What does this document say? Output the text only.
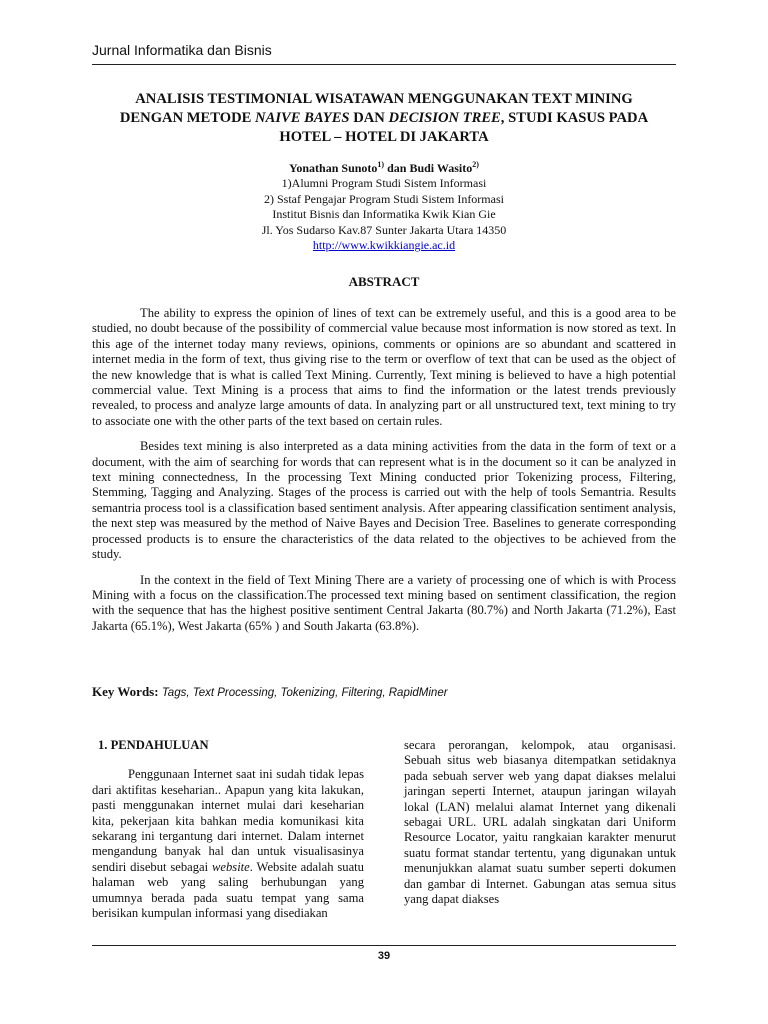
Jurnal Informatika dan Bisnis
ANALISIS TESTIMONIAL WISATAWAN MENGGUNAKAN TEXT MINING
DENGAN METODE NAIVE BAYES DAN DECISION TREE, STUDI KASUS PADA
HOTEL – HOTEL DI JAKARTA
Yonathan Sunoto$^{1)}$ dan Budi Wasito$^{2)}$
1)Alumni Program Studi Sistem Informasi
2) Sstaf Pengajar Program Studi Sistem Informasi
Institut Bisnis dan Informatika Kwik Kian Gie
Jl. Yos Sudarso Kav.87 Sunter Jakarta Utara 14350
http://www.kwikkiangie.ac.id
ABSTRACT

The ability to express the opinion of lines of text can be extremely useful, and this is a good area to be studied, no doubt because of the possibility of commercial value because most information is now stored as text. In this age of the internet today many reviews, opinions, comments or opinions are so abundant and scattered in internet media in the form of text, thus giving rise to the term or overflow of text that can be used as the object of the new knowledge that is what is called Text Mining. Currently, Text mining is believed to have a high potential commercial value. Text Mining is a process that aims to find the information or the latest trends previously revealed, to process and analyze large amounts of data. In analyzing part or all unstructured text, text mining to try to associate one with the other parts of the text based on certain rules.

Besides text mining is also interpreted as a data mining activities from the data in the form of text or a document, with the aim of searching for words that can represent what is in the document so it can be analyzed in text mining connectedness, In the processing Text Mining conducted prior Tokenizing process, Filtering, Stemming, Tagging and Analyzing. Stages of the process is carried out with the help of tools Semantria. Results semantria process tool is a classification based sentiment analysis. After appearing classification sentiment analysis, the next step was measured by the method of Naive Bayes and Decision Tree. Baselines to generate corresponding processed products is to ensure the characteristics of the data related to the objectives to be achieved from the study.

In the context in the field of Text Mining There are a variety of processing one of which is with Process Mining with a focus on the classification.The processed text mining based on sentiment classification, the region with the sequence that has the highest positive sentiment Central Jakarta (80.7%) and North Jakarta (71.2%), East Jakarta (65.1%), West Jakarta (65% ) and South Jakarta (63.8%).

Key Words: Tags, Text Processing, Tokenizing, Filtering, RapidMiner
1. PENDAHULUAN

Penggunaan Internet saat ini sudah tidak lepas dari aktifitas keseharian.. Apapun yang kita lakukan, pasti menggunakan internet mulai dari keseharian kita, pekerjaan kita bahkan media komunikasi kita sekarang ini tergantung dari internet. Dalam internet mengandung banyak hal dan untuk visualisasinya sendiri disebut sebagai website. Website adalah suatu halaman web yang saling berhubungan yang umumnya berada pada suatu tempat yang sama berisikan kumpulan informasi yang disediakan

secara perorangan, kelompok, atau organisasi. Sebuah situs web biasanya ditempatkan setidaknya pada sebuah server web yang dapat diakses melalui jaringan seperti Internet, ataupun jaringan wilayah lokal (LAN) melalui alamat Internet yang dikenali sebagai URL. URL adalah singkatan dari Uniform Resource Locator, yaitu rangkaian karakter menurut suatu format standar tertentu, yang digunakan untuk menunjukkan alamat suatu sumber seperti dokumen dan gambar di Internet. Gabungan atas semua situs yang dapat diakses

39
